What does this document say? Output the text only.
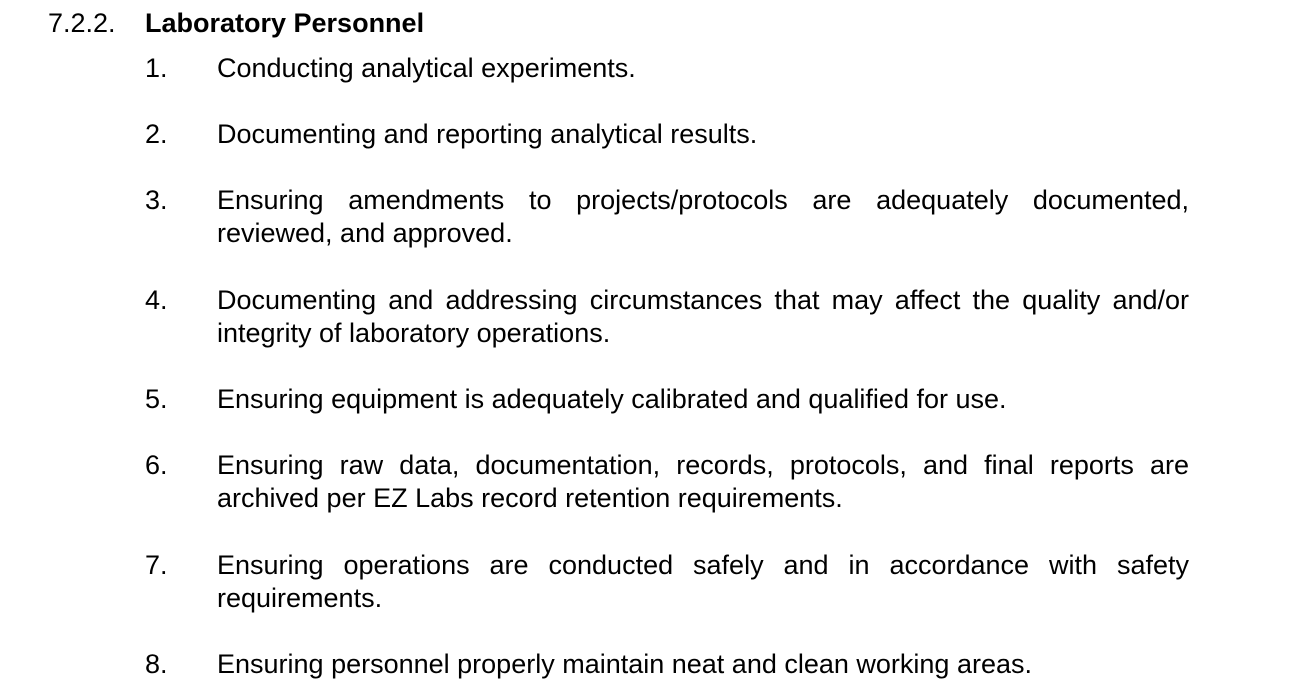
7.2.2. Laboratory Personnel
1. Conducting analytical experiments.
2. Documenting and reporting analytical results.
3. Ensuring amendments to projects/protocols are adequately documented, reviewed, and approved.
4. Documenting and addressing circumstances that may affect the quality and/or integrity of laboratory operations.
5. Ensuring equipment is adequately calibrated and qualified for use.
6. Ensuring raw data, documentation, records, protocols, and final reports are archived per EZ Labs record retention requirements.
7. Ensuring operations are conducted safely and in accordance with safety requirements.
8. Ensuring personnel properly maintain neat and clean working areas.
